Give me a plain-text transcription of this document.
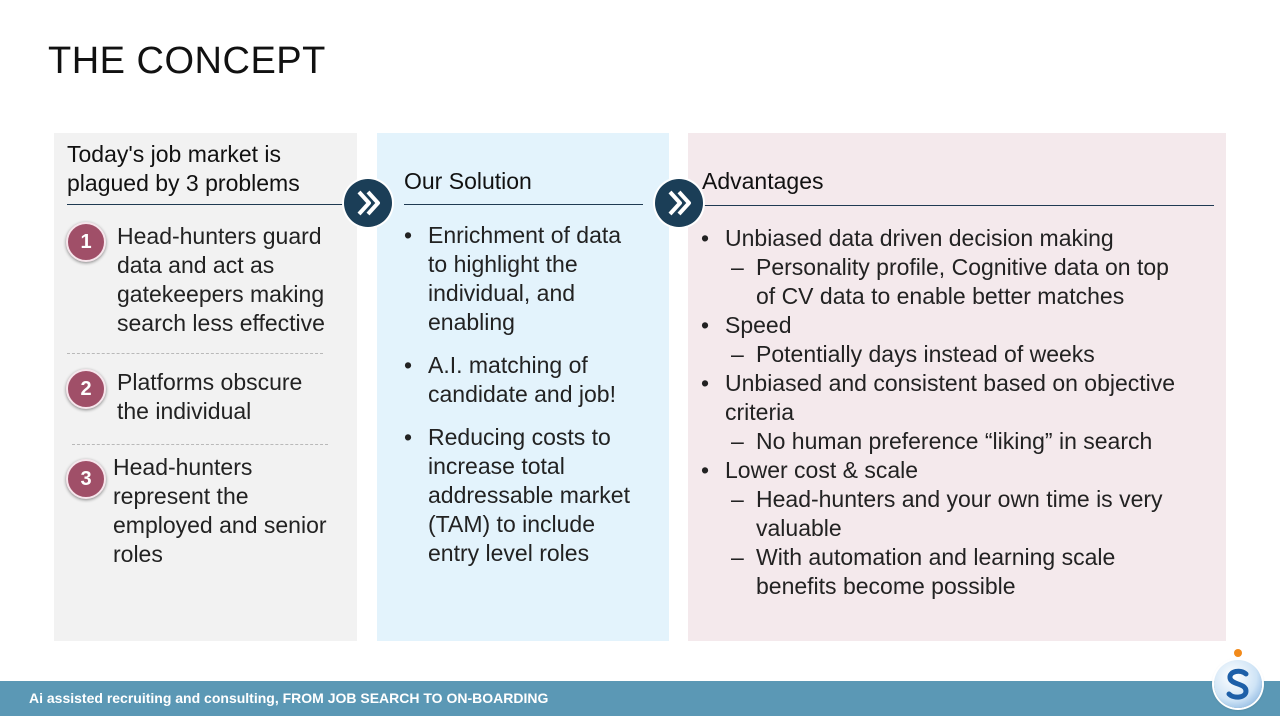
THE CONCEPT
Today's job market is
plagued by 3 problems
1	Head-hunters guard
data and act as
gatekeepers making
search less effective
2	Platforms obscure
the individual
3 Head-hunters
represent the
employed and senior
roles
Our Solution
• Enrichment of data
to highlight the
individual, and
enabling
• A.I. matching of
candidate and job!
• Reducing costs to
increase total
addressable market
(TAM) to include
entry level roles
Advantages
• Unbiased data driven decision making
– Personality profile, Cognitive data on top
of CV data to enable better matches
• Speed
– Potentially days instead of weeks
• Unbiased and consistent based on objective
criteria
– No human preference “liking” in search
• Lower cost & scale
– Head-hunters and your own time is very
valuable
– With automation and learning scale
benefits become possible
Ai assisted recruiting and consulting, FROM JOB SEARCH TO ON-BOARDING
